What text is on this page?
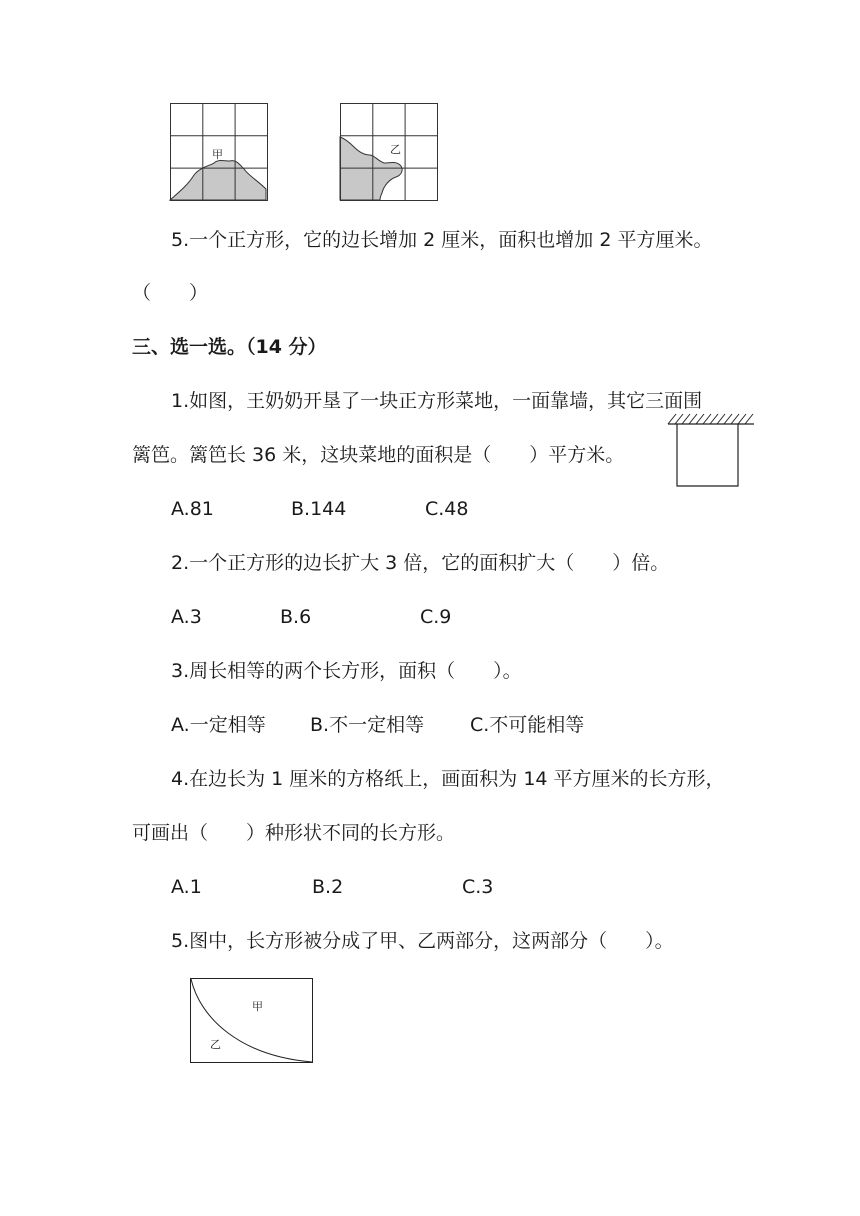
甲	乙
5.一个正方形，它的边长增加 2 厘米，面积也增加 2 平方厘米。
（　　）
三、选一选。（14 分）
1.如图，王奶奶开垦了一块正方形菜地，一面靠墙，其它三面围
篱笆。篱笆长 36 米，这块菜地的面积是（　　）平方米。
A.81	B.144	C.48
2.一个正方形的边长扩大 3 倍，它的面积扩大（　　）倍。
A.3	B.6	C.9
3.周长相等的两个长方形，面积（　　）。
A.一定相等 B.不一定相等 C.不可能相等
4.在边长为 1 厘米的方格纸上，画面积为 14 平方厘米的长方形，
可画出（　　）种形状不同的长方形。
A.1	B.2	C.3
5.图中，长方形被分成了甲、乙两部分，这两部分（　　）。
甲
乙
